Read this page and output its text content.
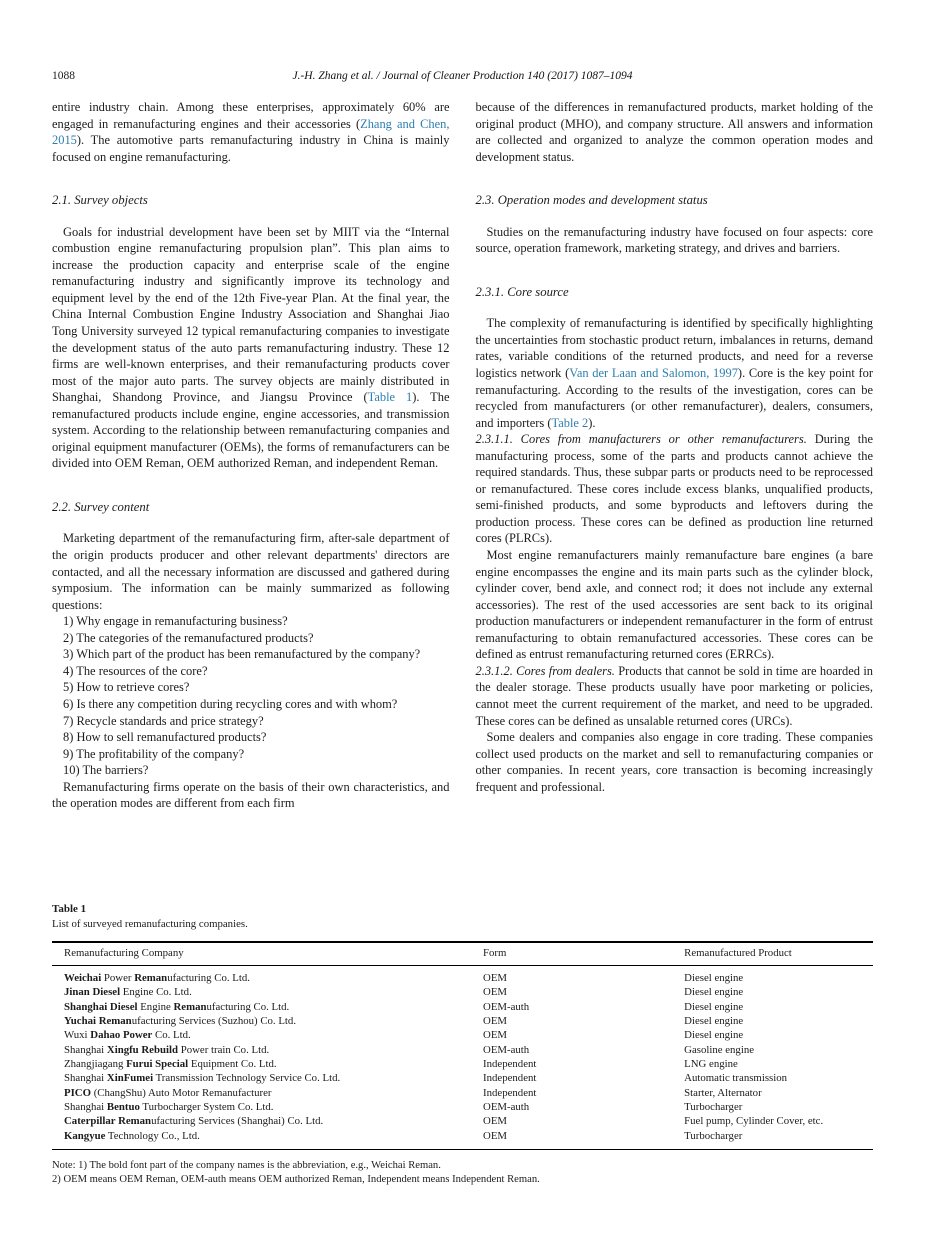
1088	J.-H. Zhang et al. / Journal of Cleaner Production 140 (2017) 1087–1094

entire industry chain. Among these enterprises, approximately 60% are engaged in remanufacturing engines and their accessories (Zhang and Chen, 2015). The automotive parts remanufacturing industry in China is mainly focused on engine remanufacturing.

2.1. Survey objects

Goals for industrial development have been set by MIIT via the “Internal combustion engine remanufacturing propulsion plan”. This plan aims to increase the production capacity and enterprise scale of the engine remanufacturing industry and significantly improve its technology and equipment level by the end of the 12th Five-year Plan. At the final year, the China Internal Combustion Engine Industry Association and Shanghai Jiao Tong University surveyed 12 typical remanufacturing companies to investigate the development status of the auto parts remanufacturing industry. These 12 firms are well-known enterprises, and their remanufacturing products cover most of the major auto parts. The survey objects are mainly distributed in Shanghai, Shandong Province, and Jiangsu Province (Table 1). The remanufactured products include engine, engine accessories, and transmission system. According to the relationship between remanufacturing companies and original equipment manufacturer (OEMs), the forms of remanufacturers can be divided into OEM Reman, OEM authorized Reman, and independent Reman.

2.2. Survey content

Marketing department of the remanufacturing firm, after-sale department of the origin products producer and other relevant departments' directors are contacted, and all the necessary information are discussed and gathered during symposium. The information can be mainly summarized as following questions:

1) Why engage in remanufacturing business?

2) The categories of the remanufactured products?

3) Which part of the product has been remanufactured by the company?

4) The resources of the core?

5) How to retrieve cores?

6) Is there any competition during recycling cores and with whom?

7) Recycle standards and price strategy?

8) How to sell remanufactured products?

9) The profitability of the company?

10) The barriers?

Remanufacturing firms operate on the basis of their own characteristics, and the operation modes are different from each firm

because of the differences in remanufactured products, market holding of the original product (MHO), and company structure. All answers and information are collected and organized to analyze the common operation modes and development status.

2.3. Operation modes and development status

Studies on the remanufacturing industry have focused on four aspects: core source, operation framework, marketing strategy, and drives and barriers.

2.3.1. Core source

The complexity of remanufacturing is identified by specifically highlighting the uncertainties from stochastic product return, imbalances in returns, demand rates, variable conditions of the returned products, and need for a reverse logistics network (Van der Laan and Salomon, 1997). Core is the key point for remanufacturing. According to the results of the investigation, cores can be recycled from manufacturers (or other remanufacturer), dealers, consumers, and importers (Table 2).

2.3.1.1. Cores from manufacturers or other remanufacturers. During the manufacturing process, some of the parts and products cannot achieve the required standards. Thus, these subpar parts or products need to be reprocessed or remanufactured. These cores include excess blanks, unqualified products, semi-finished products, and some byproducts and leftovers during the production process. These cores can be defined as production line returned cores (PLRCs).

Most engine remanufacturers mainly remanufacture bare engines (a bare engine encompasses the engine and its main parts such as the cylinder block, cylinder cover, bend axle, and connect rod; it does not include any external accessories). The rest of the used accessories are sent back to its original production manufacturers or independent remanufacturer in the form of entrust remanufacturing to obtain remanufactured accessories. These cores can be defined as entrust remanufacturing returned cores (ERRCs).

2.3.1.2. Cores from dealers. Products that cannot be sold in time are hoarded in the dealer storage. These products usually have poor marketing or policies, cannot meet the current requirement of the market, and need to be upgraded. These cores can be defined as unsalable returned cores (URCs).

Some dealers and companies also engage in core trading. These companies collect used products on the market and sell to remanufacturing companies or other companies. In recent years, core transaction is becoming increasingly frequent and professional.

Table 1

List of surveyed remanufacturing companies.

Remanufacturing Company	Form	Remanufactured Product
Weichai Power Remanufacturing Co. Ltd.	OEM	Diesel engine
Jinan Diesel Engine Co. Ltd.	OEM	Diesel engine
Shanghai Diesel Engine Remanufacturing Co. Ltd.	OEM-auth	Diesel engine
Yuchai Remanufacturing Services (Suzhou) Co. Ltd.	OEM	Diesel engine
Wuxi Dahao Power Co. Ltd.	OEM	Diesel engine
Shanghai Xingfu Rebuild Power train Co. Ltd.	OEM-auth	Gasoline engine
Zhangjiagang Furui Special Equipment Co. Ltd.	Independent	LNG engine
Shanghai XinFumei Transmission Technology Service Co. Ltd.	Independent	Automatic transmission
PICO (ChangShu) Auto Motor Remanufacturer	Independent	Starter, Alternator
Shanghai Bentuo Turbocharger System Co. Ltd.	OEM-auth	Turbocharger
Caterpillar Remanufacturing Services (Shanghai) Co. Ltd.	OEM	Fuel pump, Cylinder Cover, etc.
Kangyue Technology Co., Ltd.	OEM	Turbocharger
Note: 1) The bold font part of the company names is the abbreviation, e.g., Weichai Reman.
2) OEM means OEM Reman, OEM-auth means OEM authorized Reman, Independent means Independent Reman.
